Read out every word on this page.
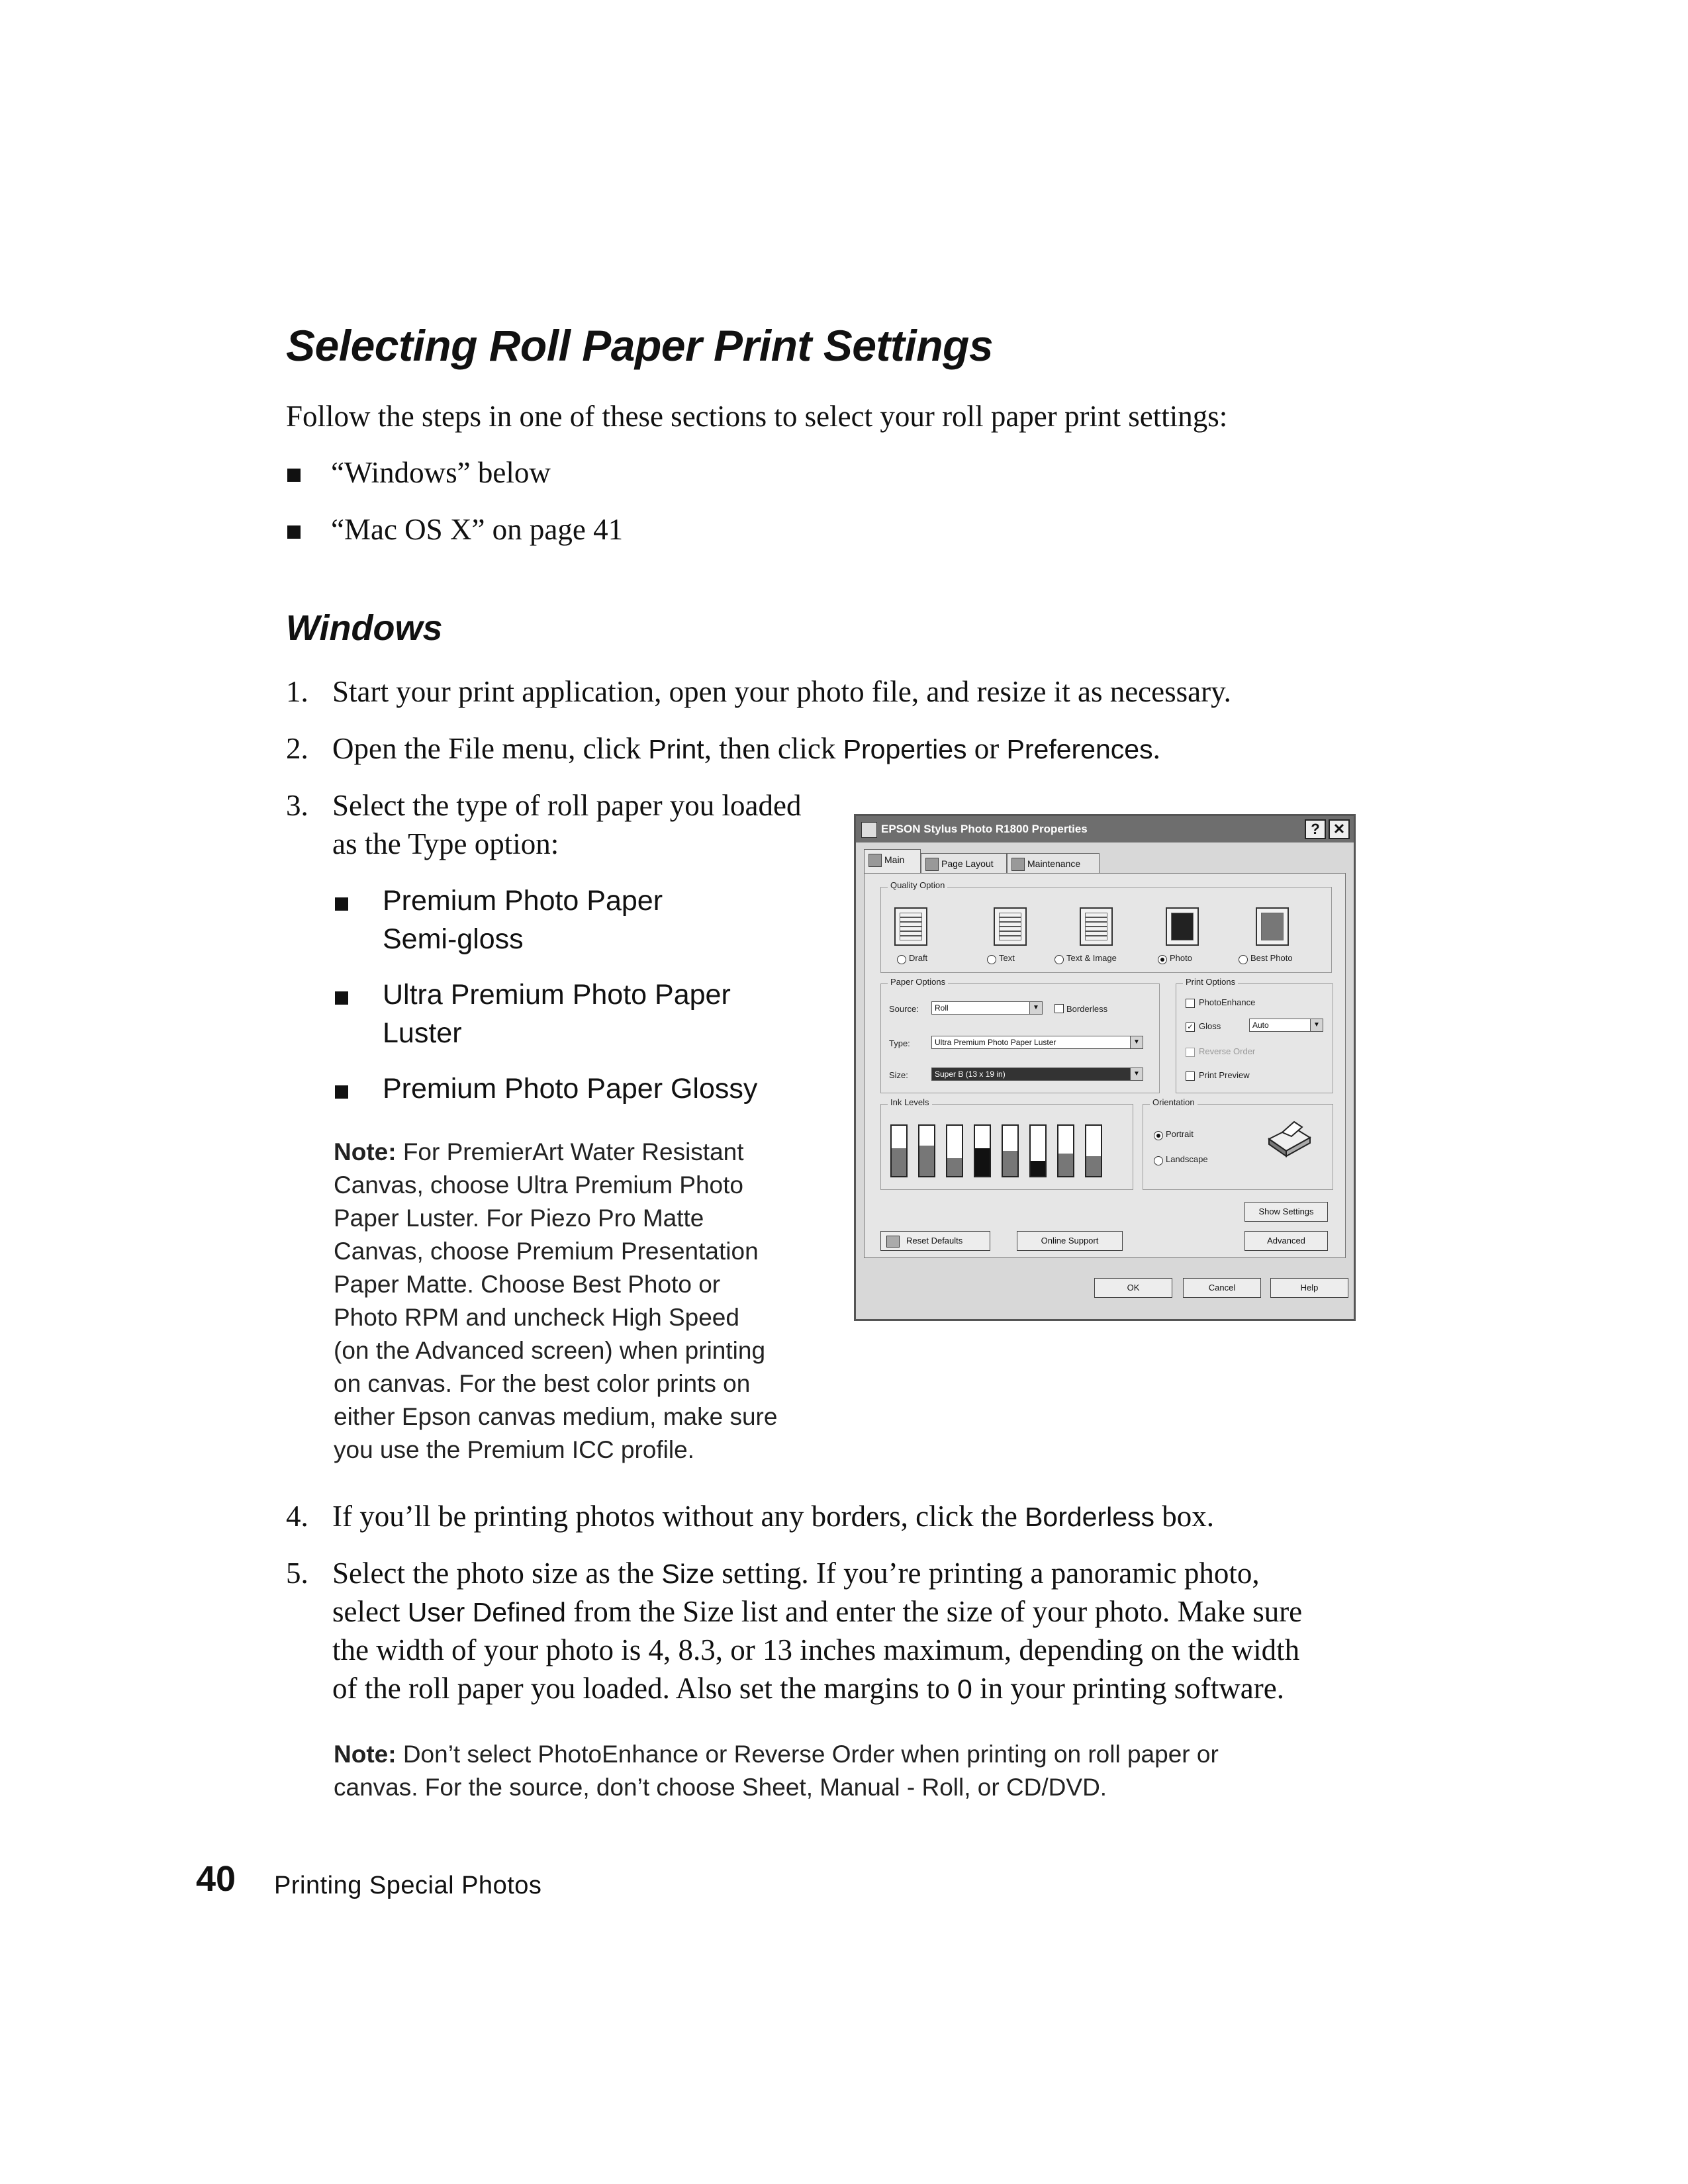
Selecting Roll Paper Print Settings
Follow the steps in one of these sections to select your roll paper print settings:
“Windows” below
“Mac OS X” on page 41
Windows
1. Start your print application, open your photo file, and resize it as necessary.
2. Open the File menu, click Print, then click Properties or Preferences.
3. Select the type of roll paper you loaded
as the Type option:
Premium Photo Paper
Semi-gloss
Ultra Premium Photo Paper
Luster
Premium Photo Paper Glossy
Note: For PremierArt Water Resistant
Canvas, choose Ultra Premium Photo
Paper Luster. For Piezo Pro Matte
Canvas, choose Premium Presentation
Paper Matte. Choose Best Photo or
Photo RPM and uncheck High Speed
(on the Advanced screen) when printing
on canvas. For the best color prints on
either Epson canvas medium, make sure
you use the Premium ICC profile.
EPSON Stylus Photo R1800 Properties	? ✕
Main	Page Layout	Maintenance
Quality Option
Draft	Text	Text & Image	Photo	Best Photo
Paper Options
Source:	Roll	▼	Borderless
Type:	Ultra Premium Photo Paper Luster	▼
Size:	Super B (13 x 19 in)	▼
Print Options
PhotoEnhance
✓ Gloss	Auto	▼
Reverse Order
Print Preview
Ink Levels	Orientation
Portrait
Landscape
Show Settings
Reset Defaults	Online Support	Advanced
OK	Cancel	Help
4. If you’ll be printing photos without any borders, click the Borderless box.
5. Select the photo size as the Size setting. If you’re printing a panoramic photo,
select User Defined from the Size list and enter the size of your photo. Make sure
the width of your photo is 4, 8.3, or 13 inches maximum, depending on the width
of the roll paper you loaded. Also set the margins to 0 in your printing software.
Note: Don’t select PhotoEnhance or Reverse Order when printing on roll paper or
canvas. For the source, don’t choose Sheet, Manual - Roll, or CD/DVD.
40 Printing Special Photos
